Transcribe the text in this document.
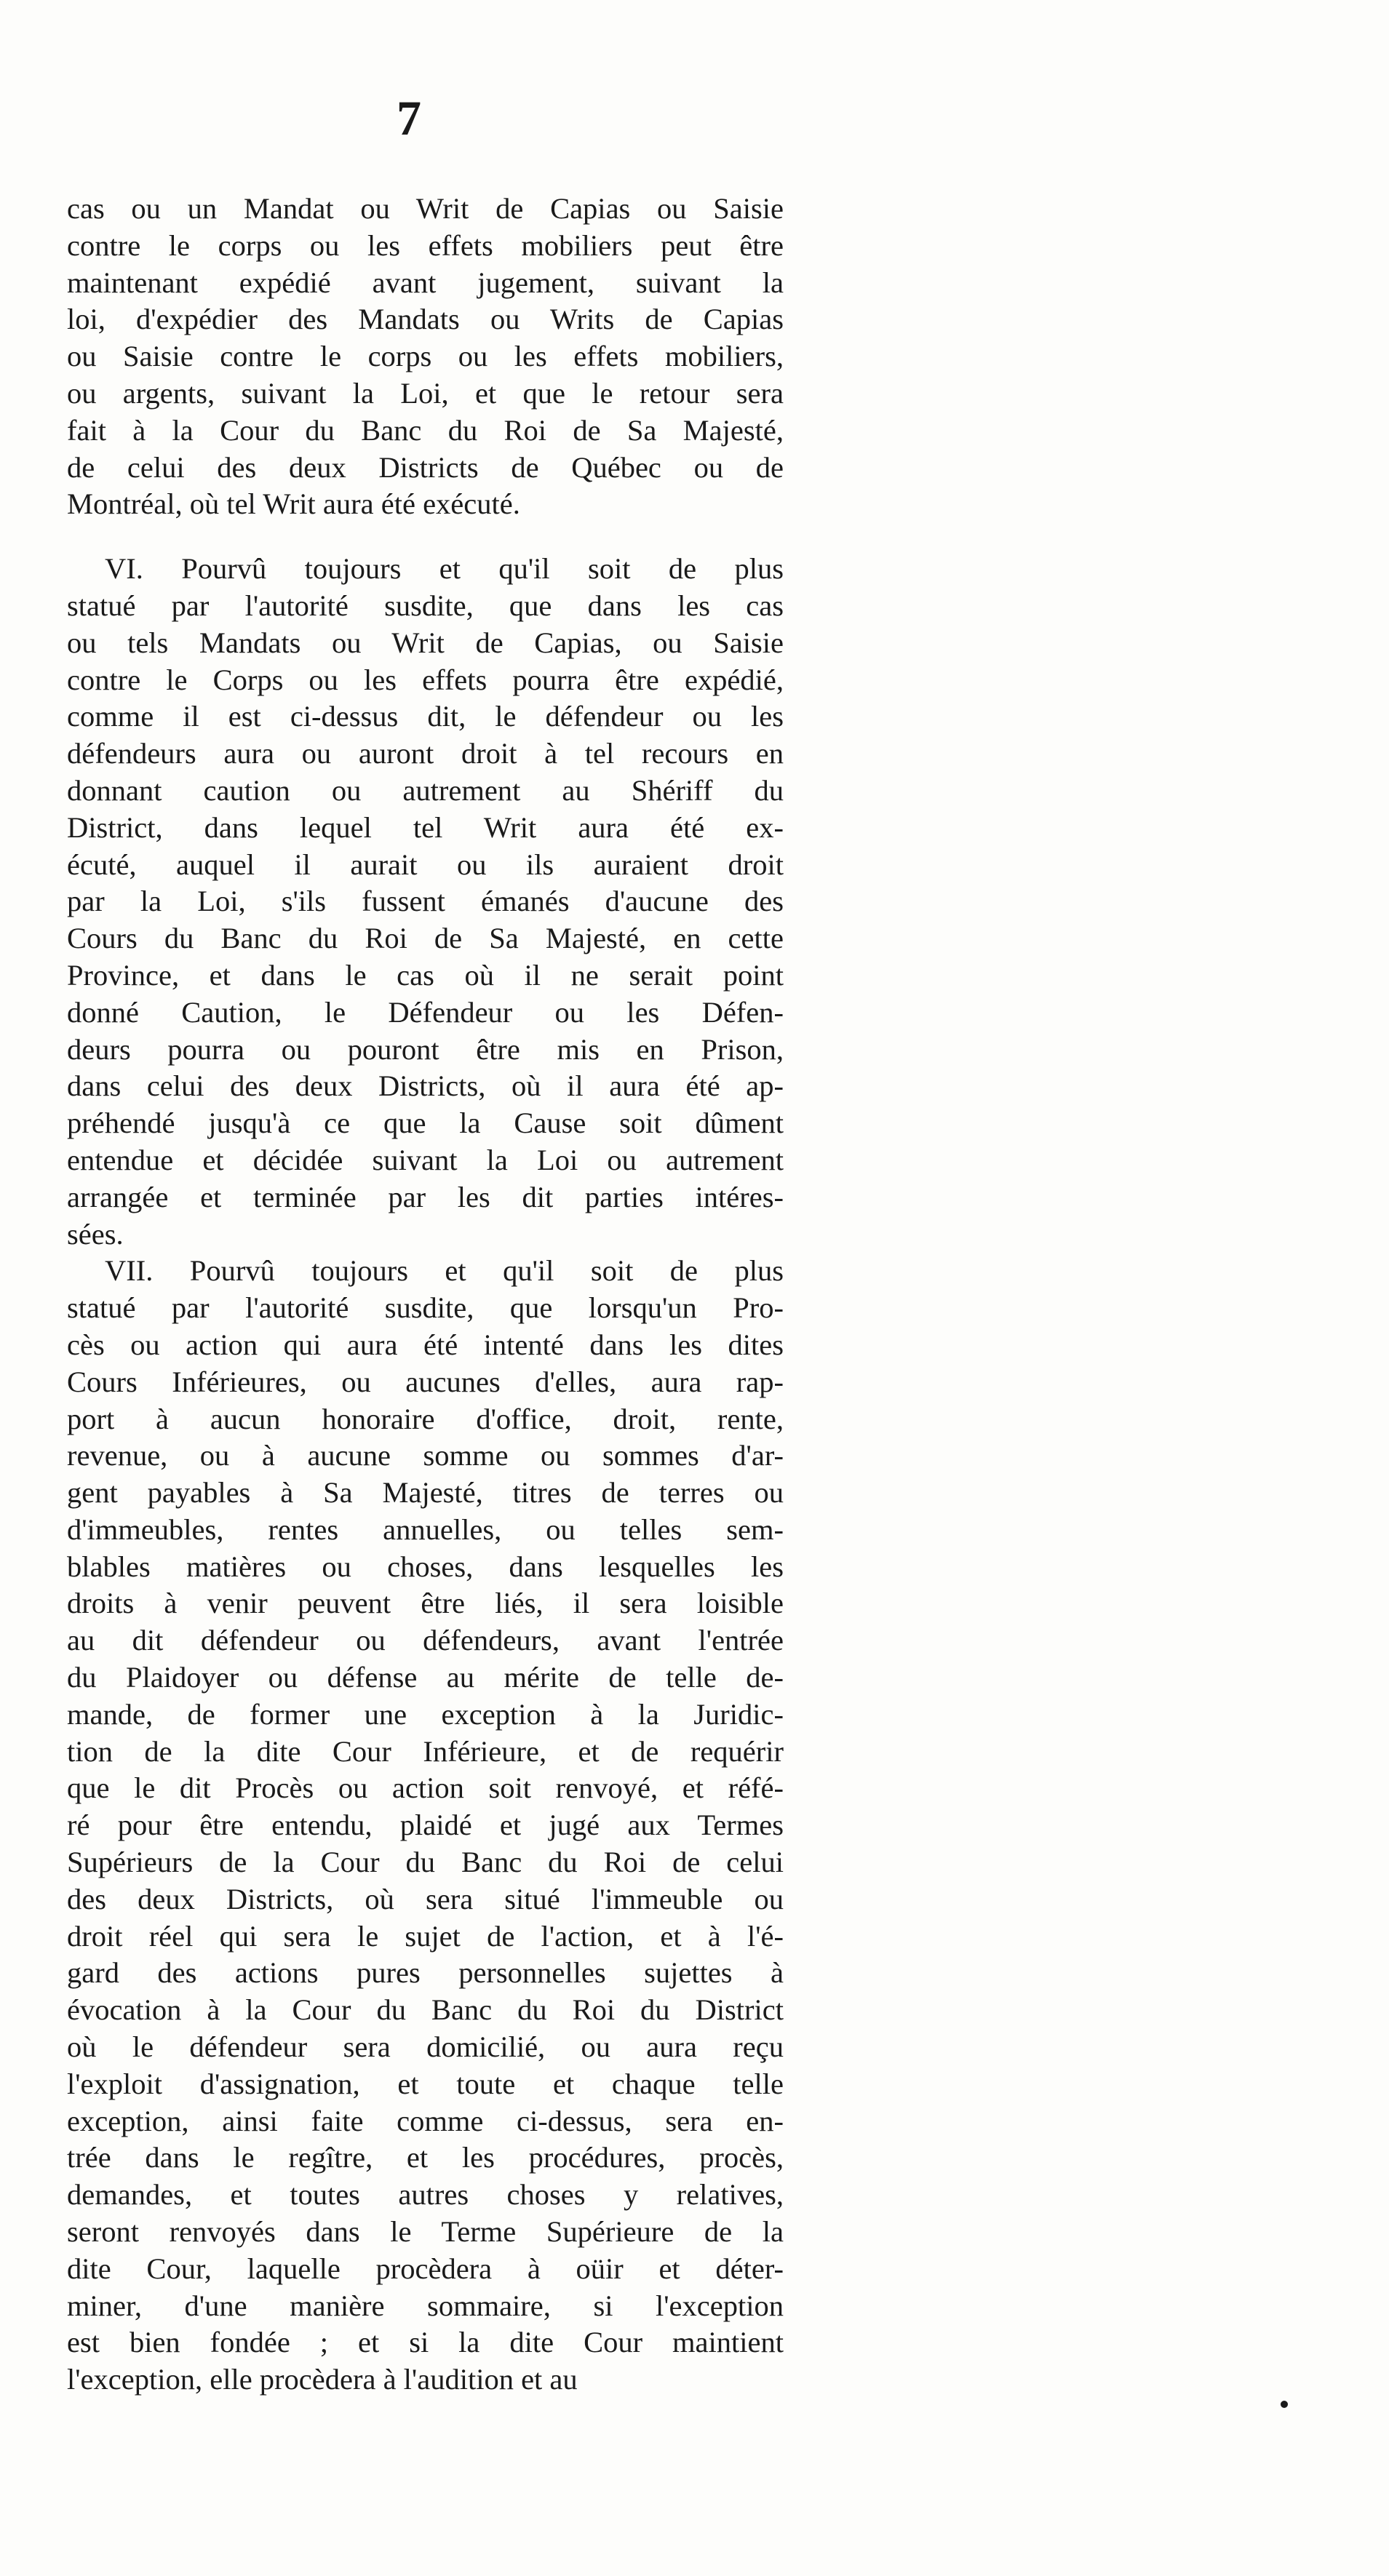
7
cas ou un Mandat ou Writ de Capias ou Saisie
contre le corps ou les effets mobiliers peut être
maintenant expédié avant jugement, suivant la
loi, d'expédier des Mandats ou Writs de Capias
ou Saisie contre le corps ou les effets mobiliers,
ou argents, suivant la Loi, et que le retour sera
fait à la Cour du Banc du Roi de Sa Majesté,
de celui des deux Districts de Québec ou de
Montréal, où tel Writ aura été exécuté.
VI. Pourvû toujours et qu'il soit de plus
statué par l'autorité susdite, que dans les cas
ou tels Mandats ou Writ de Capias, ou Saisie
contre le Corps ou les effets pourra être expédié,
comme il est ci-dessus dit, le défendeur ou les
défendeurs aura ou auront droit à tel recours en
donnant caution ou autrement au Shériff du
District, dans lequel tel Writ aura été ex-
écuté, auquel il aurait ou ils auraient droit
par la Loi, s'ils fussent émanés d'aucune des
Cours du Banc du Roi de Sa Majesté, en cette
Province, et dans le cas où il ne serait point
donné Caution, le Défendeur ou les Défen-
deurs pourra ou pouront être mis en Prison,
dans celui des deux Districts, où il aura été ap-
préhendé jusqu'à ce que la Cause soit dûment
entendue et décidée suivant la Loi ou autrement
arrangée et terminée par les dit parties intéres-
sées.
VII. Pourvû toujours et qu'il soit de plus
statué par l'autorité susdite, que lorsqu'un Pro-
cès ou action qui aura été intenté dans les dites
Cours Inférieures, ou aucunes d'elles, aura rap-
port à aucun honoraire d'office, droit, rente,
revenue, ou à aucune somme ou sommes d'ar-
gent payables à Sa Majesté, titres de terres ou
d'immeubles, rentes annuelles, ou telles sem-
blables matières ou choses, dans lesquelles les
droits à venir peuvent être liés, il sera loisible
au dit défendeur ou défendeurs, avant l'entrée
du Plaidoyer ou défense au mérite de telle de-
mande, de former une exception à la Juridic-
tion de la dite Cour Inférieure, et de requérir
que le dit Procès ou action soit renvoyé, et réfé-
ré pour être entendu, plaidé et jugé aux Termes
Supérieurs de la Cour du Banc du Roi de celui
des deux Districts, où sera situé l'immeuble ou
droit réel qui sera le sujet de l'action, et à l'é-
gard des actions pures personnelles sujettes à
évocation à la Cour du Banc du Roi du District
où le défendeur sera domicilié, ou aura reçu
l'exploit d'assignation, et toute et chaque telle
exception, ainsi faite comme ci-dessus, sera en-
trée dans le regître, et les procédures, procès,
demandes, et toutes autres choses y relatives,
seront renvoyés dans le Terme Supérieure de la
dite Cour, laquelle procèdera à oüir et déter-
miner, d'une manière sommaire, si l'exception
est bien fondée ; et si la dite Cour maintient
l'exception, elle procèdera à l'audition et au
